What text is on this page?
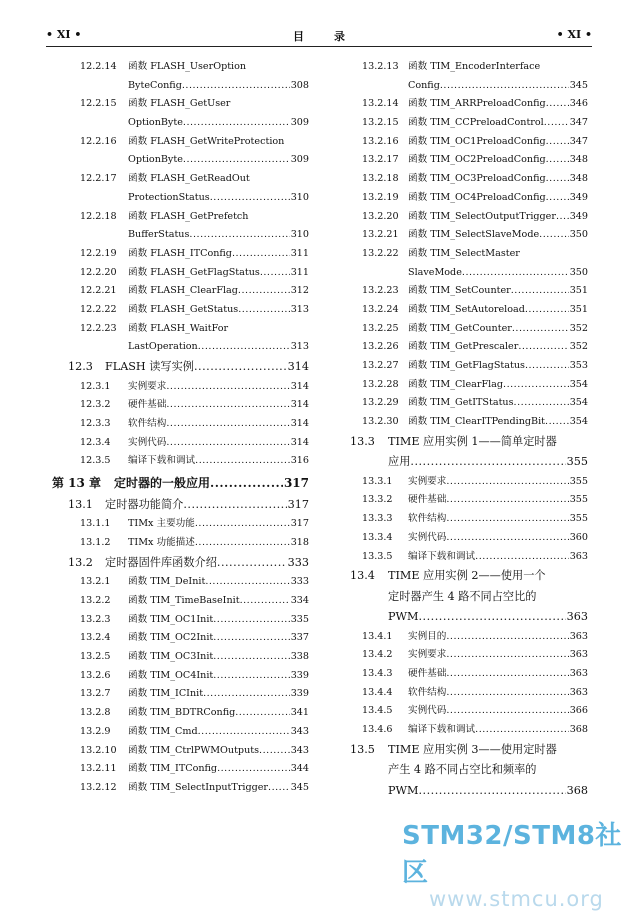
• XI •	目录	• XI •
12.2.14 函数 FLASH_UserOption
ByteConfig .....	308
12.2.15 函数 FLASH_GetUser
OptionByte .....	309
12.2.16 函数 FLASH_GetWriteProtection
OptionByte .....	309
12.2.17 函数 FLASH_GetReadOut
ProtectionStatus .....	310
12.2.18 函数 FLASH_GetPrefetch
BufferStatus .....	310
12.2.19 函数 FLASH_ITConfig .....	311
12.2.20 函数 FLASH_GetFlagStatus .....	311
12.2.21 函数 FLASH_ClearFlag .....	312
12.2.22 函数 FLASH_GetStatus .....	313
12.2.23 函数 FLASH_WaitFor
LastOperation .....	313
12.3 FLASH 读写实例 .....	314
12.3.1 实例要求 .....	314
12.3.2 硬件基础 .....	314
12.3.3 软件结构 .....	314
12.3.4 实例代码 .....	314
12.3.5 编译下载和调试 .....	316
第 13 章 定时器的一般应用 .....	317
13.1 定时器功能简介 .....	317
13.1.1 TIMx 主要功能 .....	317
13.1.2 TIMx 功能描述 .....	318
13.2 定时器固件库函数介绍 .....	333
13.2.1 函数 TIM_DeInit .....	333
13.2.2 函数 TIM_TimeBaseInit .....	334
13.2.3 函数 TIM_OC1Init .....	335
13.2.4 函数 TIM_OC2Init .....	337
13.2.5 函数 TIM_OC3Init .....	338
13.2.6 函数 TIM_OC4Init .....	339
13.2.7 函数 TIM_ICInit .....	339
13.2.8 函数 TIM_BDTRConfig .....	341
13.2.9 函数 TIM_Cmd .....	343
13.2.10 函数 TIM_CtrlPWMOutputs .....	343
13.2.11 函数 TIM_ITConfig .....	344
13.2.12 函数 TIM_SelectInputTrigger ..... 345
13.2.13 函数 TIM_EncoderInterface
Config .....	345
13.2.14 函数 TIM_ARRPreloadConfig .....	346
13.2.15 函数 TIM_CCPreloadControl .....	347
13.2.16 函数 TIM_OC1PreloadConfig .....	347
13.2.17 函数 TIM_OC2PreloadConfig .....	348
13.2.18 函数 TIM_OC3PreloadConfig .....	348
13.2.19 函数 TIM_OC4PreloadConfig .....	349
13.2.20 函数 TIM_SelectOutputTrigger ..... 349
13.2.21 函数 TIM_SelectSlaveMode .....	350
13.2.22 函数 TIM_SelectMaster
SlaveMode .....	350
13.2.23 函数 TIM_SetCounter .....	351
13.2.24 函数 TIM_SetAutoreload .....	351
13.2.25 函数 TIM_GetCounter .....	352
13.2.26 函数 TIM_GetPrescaler .....	352
13.2.27 函数 TIM_GetFlagStatus .....	353
13.2.28 函数 TIM_ClearFlag .....	354
13.2.29 函数 TIM_GetITStatus .....	354
13.2.30 函数 TIM_ClearITPendingBit .....	354
13.3 TIME 应用实例 1——简单定时器
应用 .....	355
13.3.1 实例要求 .....	355
13.3.2 硬件基础 .....	355
13.3.3 软件结构 .....	355
13.3.4 实例代码 .....	360
13.3.5 编译下载和调试 .....	363
13.4 TIME 应用实例 2——使用一个
定时器产生 4 路不同占空比的
PWM .....	363
13.4.1 实例目的 .....	363
13.4.2 实例要求 .....	363
13.4.3 硬件基础 .....	363
13.4.4 软件结构 .....	363
13.4.5 实例代码 .....	366
13.4.6 编译下载和调试 .....	368
13.5 TIME 应用实例 3——使用定时器
产生 4 路不同占空比和频率的
PWM .....	368
STM32/STM8社区
www.stmcu.org
